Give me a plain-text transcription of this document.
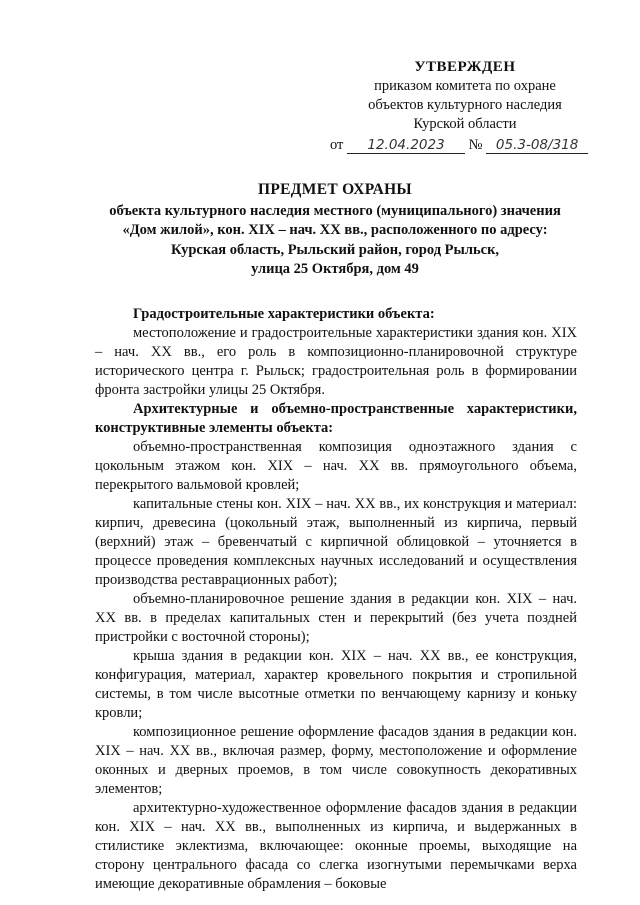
УТВЕРЖДЕН
приказом комитета по охране
объектов культурного наследия
Курской области
от 12.04.2023 № 05.3-08/318
ПРЕДМЕТ ОХРАНЫ
объекта культурного наследия местного (муниципального) значения
«Дом жилой», кон. XIX – нач. XX вв., расположенного по адресу:
Курская область, Рыльский район, город Рыльск,
улица 25 Октября, дом 49

Градостроительные характеристики объекта:

местоположение и градостроительные характеристики здания кон. XIX – нач. XX вв., его роль в композиционно-планировочной структуре исторического центра г. Рыльск; градостроительная роль в формировании фронта застройки улицы 25 Октября.

Архитектурные и объемно-пространственные характеристики, конструктивные элементы объекта:

объемно-пространственная композиция одноэтажного здания с цокольным этажом кон. XIX – нач. XX вв. прямоугольного объема, перекрытого вальмовой кровлей;

капитальные стены кон. XIX – нач. XX вв., их конструкция и материал: кирпич, древесина (цокольный этаж, выполненный из кирпича, первый (верхний) этаж – бревенчатый с кирпичной облицовкой – уточняется в процессе проведения комплексных научных исследований и осуществления производства реставрационных работ);

объемно-планировочное решение здания в редакции кон. XIX – нач. XX вв. в пределах капитальных стен и перекрытий (без учета поздней пристройки с восточной стороны);

крыша здания в редакции кон. XIX – нач. XX вв., ее конструкция, конфигурация, материал, характер кровельного покрытия и стропильной системы, в том числе высотные отметки по венчающему карнизу и коньку кровли;

композиционное решение оформление фасадов здания в редакции кон. XIX – нач. XX вв., включая размер, форму, местоположение и оформление оконных и дверных проемов, в том числе совокупность декоративных элементов;

архитектурно-художественное оформление фасадов здания в редакции кон. XIX – нач. XX вв., выполненных из кирпича, и выдержанных в стилистике эклектизма, включающее: оконные проемы, выходящие на сторону центрального фасада со слегка изогнутыми перемычками верха имеющие декоративные обрамления – боковые
